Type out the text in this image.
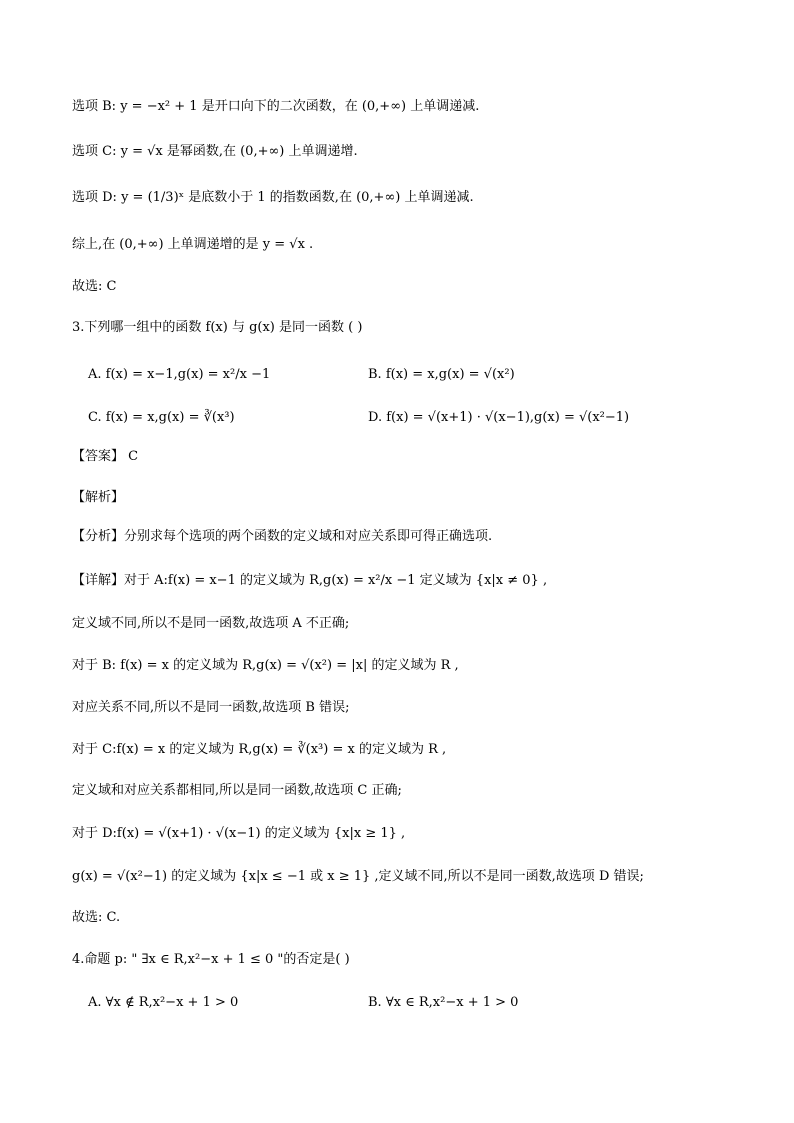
选项 B: y = −x² + 1 是开口向下的二次函数，在 (0,+∞) 上单调递减.
选项 C: y = √x 是幂函数,在 (0,+∞) 上单调递增.
选项 D: y = (1/3)ˣ 是底数小于 1 的指数函数,在 (0,+∞) 上单调递减.
综上,在 (0,+∞) 上单调递增的是 y = √x .
故选: C
3.下列哪一组中的函数 f(x) 与 g(x) 是同一函数 ( )
A. f(x) = x−1,g(x) = x²/x −1	B. f(x) = x,g(x) = √(x²)
C. f(x) = x,g(x) = ∛(x³)	D. f(x) = √(x+1) · √(x−1),g(x) = √(x²−1)
【答案】 C
【解析】
【分析】分别求每个选项的两个函数的定义域和对应关系即可得正确选项.
【详解】对于 A:f(x) = x−1 的定义域为 R,g(x) = x²/x −1 定义域为 {x|x ≠ 0} ,
定义域不同,所以不是同一函数,故选项 A 不正确;
对于 B: f(x) = x 的定义域为 R,g(x) = √(x²) = |x| 的定义域为 R ,
对应关系不同,所以不是同一函数,故选项 B 错误;
对于 C:f(x) = x 的定义域为 R,g(x) = ∛(x³) = x 的定义域为 R ,
定义域和对应关系都相同,所以是同一函数,故选项 C 正确;
对于 D:f(x) = √(x+1) · √(x−1) 的定义域为 {x|x ≥ 1} ,
g(x) = √(x²−1) 的定义域为 {x|x ≤ −1 或 x ≥ 1} ,定义域不同,所以不是同一函数,故选项 D 错误;
故选: C.
4.命题 p: " ∃x ∈ R,x²−x + 1 ≤ 0 "的否定是( )
A. ∀x ∉ R,x²−x + 1 > 0	B. ∀x ∈ R,x²−x + 1 > 0
